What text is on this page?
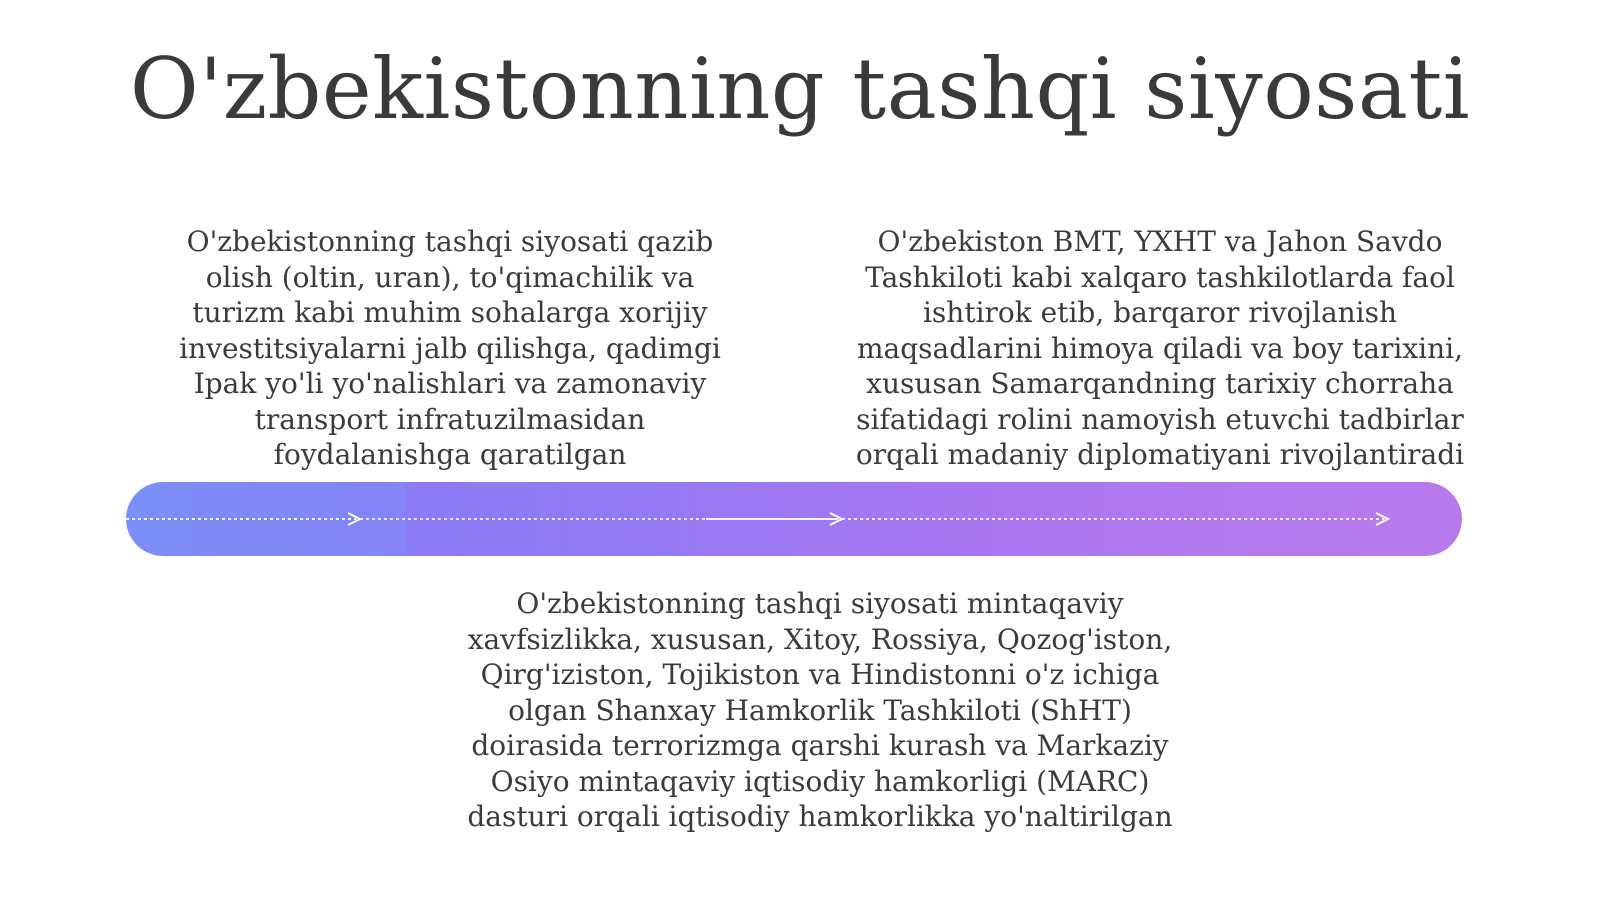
O'zbekistonning tashqi siyosati

O'zbekistonning tashqi siyosati qazib olish (oltin, uran), to'qimachilik va turizm kabi muhim sohalarga xorijiy investitsiyalarni jalb qilishga, qadimgi Ipak yo'li yo'nalishlari va zamonaviy transport infratuzilmasidan foydalanishga qaratilgan

O'zbekiston BMT, YXHT va Jahon Savdo Tashkiloti kabi xalqaro tashkilotlarda faol ishtirok etib, barqaror rivojlanish maqsadlarini himoya qiladi va boy tarixini, xususan Samarqandning tarixiy chorraha sifatidagi rolini namoyish etuvchi tadbirlar orqali madaniy diplomatiyani rivojlantiradi

O'zbekistonning tashqi siyosati mintaqaviy xavfsizlikka, xususan, Xitoy, Rossiya, Qozog'iston, Qirg'iziston, Tojikiston va Hindistonni o'z ichiga olgan Shanxay Hamkorlik Tashkiloti (ShHT) doirasida terrorizmga qarshi kurash va Markaziy Osiyo mintaqaviy iqtisodiy hamkorligi (MARC) dasturi orqali iqtisodiy hamkorlikka yo'naltirilgan
